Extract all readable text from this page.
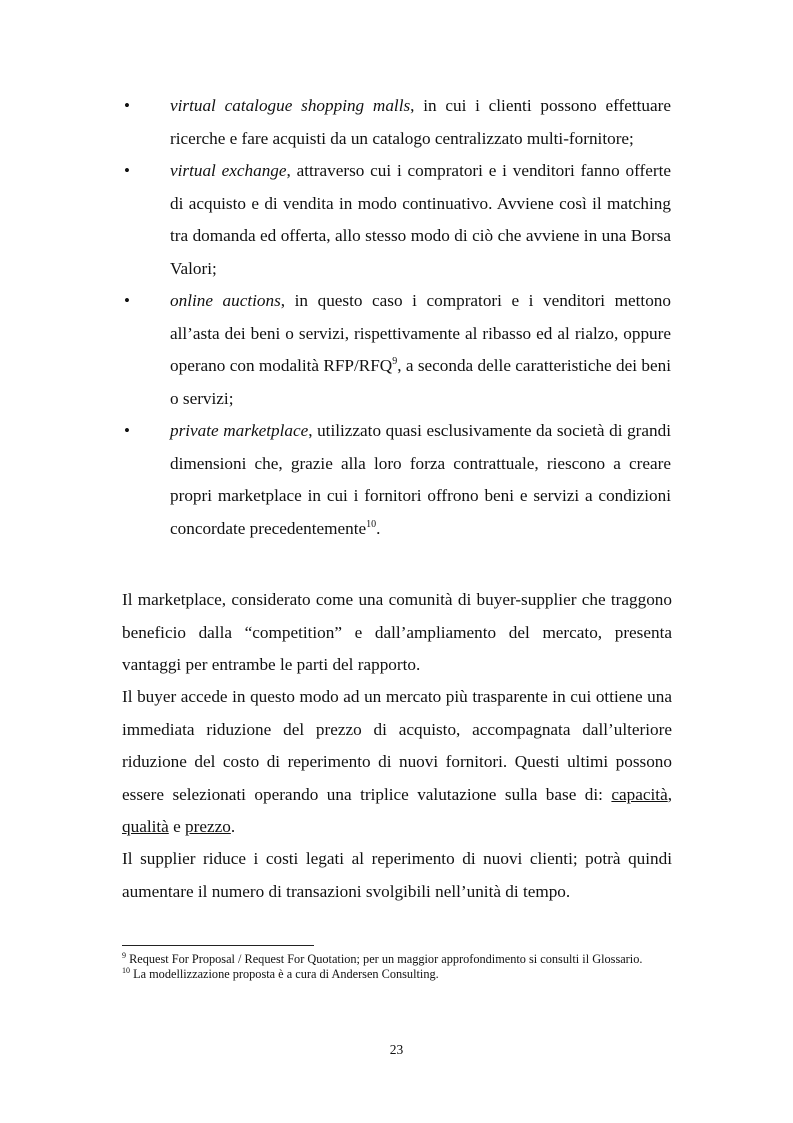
• virtual catalogue shopping malls, in cui i clienti possono effettuare ricerche e fare acquisti da un catalogo centralizzato multi-fornitore;
• virtual exchange, attraverso cui i compratori e i venditori fanno offerte di acquisto e di vendita in modo continuativo. Avviene così il matching tra domanda ed offerta, allo stesso modo di ciò che avviene in una Borsa Valori;
• online auctions, in questo caso i compratori e i venditori mettono all’asta dei beni o servizi, rispettivamente al ribasso ed al rialzo, oppure operano con modalità RFP/RFQ$^9$, a seconda delle caratteristiche dei beni o servizi;
• private marketplace, utilizzato quasi esclusivamente da società di grandi dimensioni che, grazie alla loro forza contrattuale, riescono a creare propri marketplace in cui i fornitori offrono beni e servizi a condizioni concordate precedentemente$^{10}$.

Il marketplace, considerato come una comunità di buyer-supplier che traggono beneficio dalla “competition” e dall’ampliamento del mercato, presenta vantaggi per entrambe le parti del rapporto.

Il buyer accede in questo modo ad un mercato più trasparente in cui ottiene una immediata riduzione del prezzo di acquisto, accompagnata dall’ulteriore riduzione del costo di reperimento di nuovi fornitori. Questi ultimi possono essere selezionati operando una triplice valutazione sulla base di: capacità, qualità e prezzo.

Il supplier riduce i costi legati al reperimento di nuovi clienti; potrà quindi aumentare il numero di transazioni svolgibili nell’unità di tempo.

$^9$ Request For Proposal / Request For Quotation; per un maggior approfondimento si consulti il Glossario.

$^{10}$ La modellizzazione proposta è a cura di Andersen Consulting.

23
